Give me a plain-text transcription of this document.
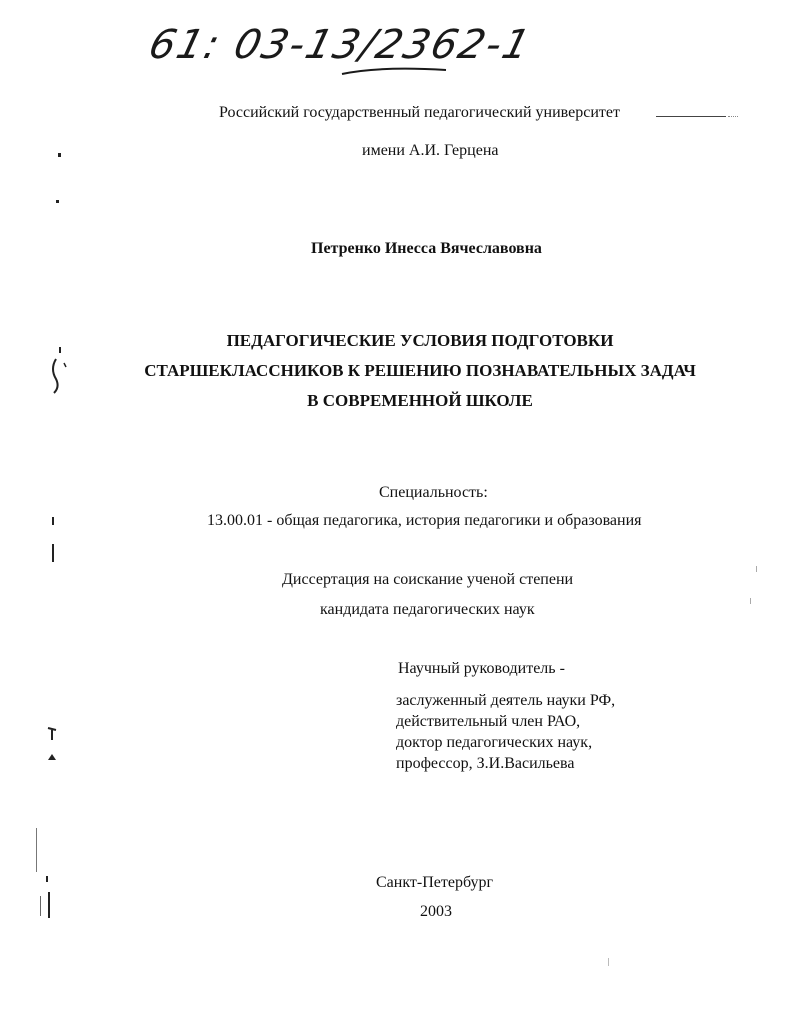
61: 03-13/2362-1
Российский государственный педагогический университет
имени А.И. Герцена
Петренко Инесса Вячеславовна
ПЕДАГОГИЧЕСКИЕ УСЛОВИЯ ПОДГОТОВКИ
СТАРШЕКЛАССНИКОВ К РЕШЕНИЮ ПОЗНАВАТЕЛЬНЫХ ЗАДАЧ
В СОВРЕМЕННОЙ ШКОЛЕ
Специальность:
13.00.01 - общая педагогика, история педагогики и образования
Диссертация на соискание ученой степени
кандидата педагогических наук
Научный руководитель -
заслуженный деятель науки РФ,
действительный член РАО,
доктор педагогических наук,
профессор, З.И.Васильева
Санкт-Петербург
2003
